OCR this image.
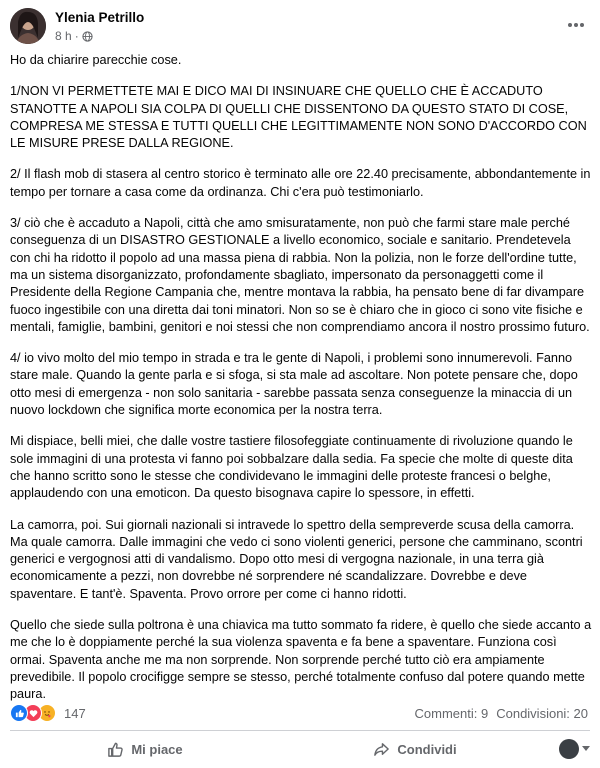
Ylenia Petrillo
8 h ·

Ho da chiarire parecchie cose.

1/NON VI PERMETTETE MAI E DICO MAI DI INSINUARE CHE QUELLO CHE È ACCADUTO STANOTTE A NAPOLI SIA COLPA DI QUELLI CHE DISSENTONO DA QUESTO STATO DI COSE, COMPRESA ME STESSA E TUTTI QUELLI CHE LEGITTIMAMENTE NON SONO D'ACCORDO CON LE MISURE PRESE DALLA REGIONE.

2/ Il flash mob di stasera al centro storico è terminato alle ore 22.40 precisamente, abbondantemente in tempo per tornare a casa come da ordinanza. Chi c'era può testimoniarlo.

3/ ciò che è accaduto a Napoli, città che amo smisuratamente, non può che farmi stare male perché conseguenza di un DISASTRO GESTIONALE a livello economico, sociale e sanitario. Prendetevela con chi ha ridotto il popolo ad una massa piena di rabbia. Non la polizia, non le forze dell'ordine tutte, ma un sistema disorganizzato, profondamente sbagliato, impersonato da personaggetti come il Presidente della Regione Campania che, mentre montava la rabbia, ha pensato bene di far divampare fuoco ingestibile con una diretta dai toni minatori. Non so se è chiaro che in gioco ci sono vite fisiche e mentali, famiglie, bambini, genitori e noi stessi che non comprendiamo ancora il nostro prossimo futuro.

4/ io vivo molto del mio tempo in strada e tra le gente di Napoli, i problemi sono innumerevoli. Fanno stare male. Quando la gente parla e si sfoga, si sta male ad ascoltare. Non potete pensare che, dopo otto mesi di emergenza - non solo sanitaria - sarebbe passata senza conseguenze la minaccia di un nuovo lockdown che significa morte economica per la nostra terra.

Mi dispiace, belli miei, che dalle vostre tastiere filosofeggiate continuamente di rivoluzione quando le sole immagini di una protesta vi fanno poi sobbalzare dalla sedia. Fa specie che molte di queste dita che hanno scritto sono le stesse che condividevano le immagini delle proteste francesi o belghe, applaudendo con una emoticon. Da questo bisognava capire lo spessore, in effetti.

La camorra, poi. Sui giornali nazionali si intravede lo spettro della sempreverde scusa della camorra. Ma quale camorra. Dalle immagini che vedo ci sono violenti generici, persone che camminano, scontri generici e vergognosi atti di vandalismo. Dopo otto mesi di vergogna nazionale, in una terra già economicamente a pezzi, non dovrebbe né sorprendere né scandalizzare. Dovrebbe e deve spaventare. E tant'è. Spaventa. Provo orrore per come ci hanno ridotti.

Quello che siede sulla poltrona è una chiavica ma tutto sommato fa ridere, è quello che siede accanto a me che lo è doppiamente perché la sua violenza spaventa e fa bene a spaventare. Funziona così ormai. Spaventa anche me ma non sorprende. Non sorprende perché tutto ciò era ampiamente prevedibile. Il popolo crocifigge sempre se stesso, perché totalmente confuso dal potere quando mette paura.

147	Commenti: 9 Condivisioni: 20
Mi piace	Condividi
